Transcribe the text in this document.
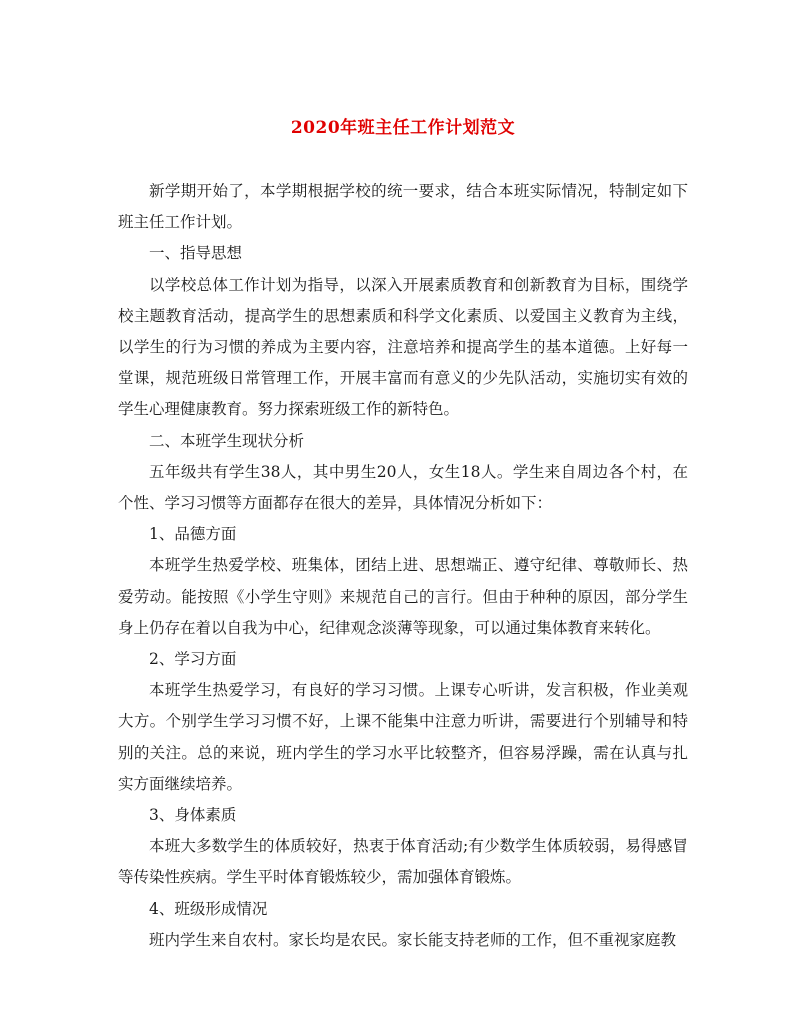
2020年班主任工作计划范文

新学期开始了，本学期根据学校的统一要求，结合本班实际情况，特制定如下班主任工作计划。

一、指导思想

以学校总体工作计划为指导，以深入开展素质教育和创新教育为目标，围绕学校主题教育活动，提高学生的思想素质和科学文化素质、以爱国主义教育为主线，以学生的行为习惯的养成为主要内容，注意培养和提高学生的基本道德。上好每一堂课，规范班级日常管理工作，开展丰富而有意义的少先队活动，实施切实有效的学生心理健康教育。努力探索班级工作的新特色。

二、本班学生现状分析

五年级共有学生38人，其中男生20人，女生18人。学生来自周边各个村，在个性、学习习惯等方面都存在很大的差异，具体情况分析如下：

1、品德方面

本班学生热爱学校、班集体，团结上进、思想端正、遵守纪律、尊敬师长、热爱劳动。能按照《小学生守则》来规范自己的言行。但由于种种的原因，部分学生身上仍存在着以自我为中心，纪律观念淡薄等现象，可以通过集体教育来转化。

2、学习方面

本班学生热爱学习，有良好的学习习惯。上课专心听讲，发言积极，作业美观大方。个别学生学习习惯不好，上课不能集中注意力听讲，需要进行个别辅导和特别的关注。总的来说，班内学生的学习水平比较整齐，但容易浮躁，需在认真与扎实方面继续培养。

3、身体素质

本班大多数学生的体质较好，热衷于体育活动;有少数学生体质较弱，易得感冒等传染性疾病。学生平时体育锻炼较少，需加强体育锻炼。

4、班级形成情况

班内学生来自农村。家长均是农民。家长能支持老师的工作，但不重视家庭教
